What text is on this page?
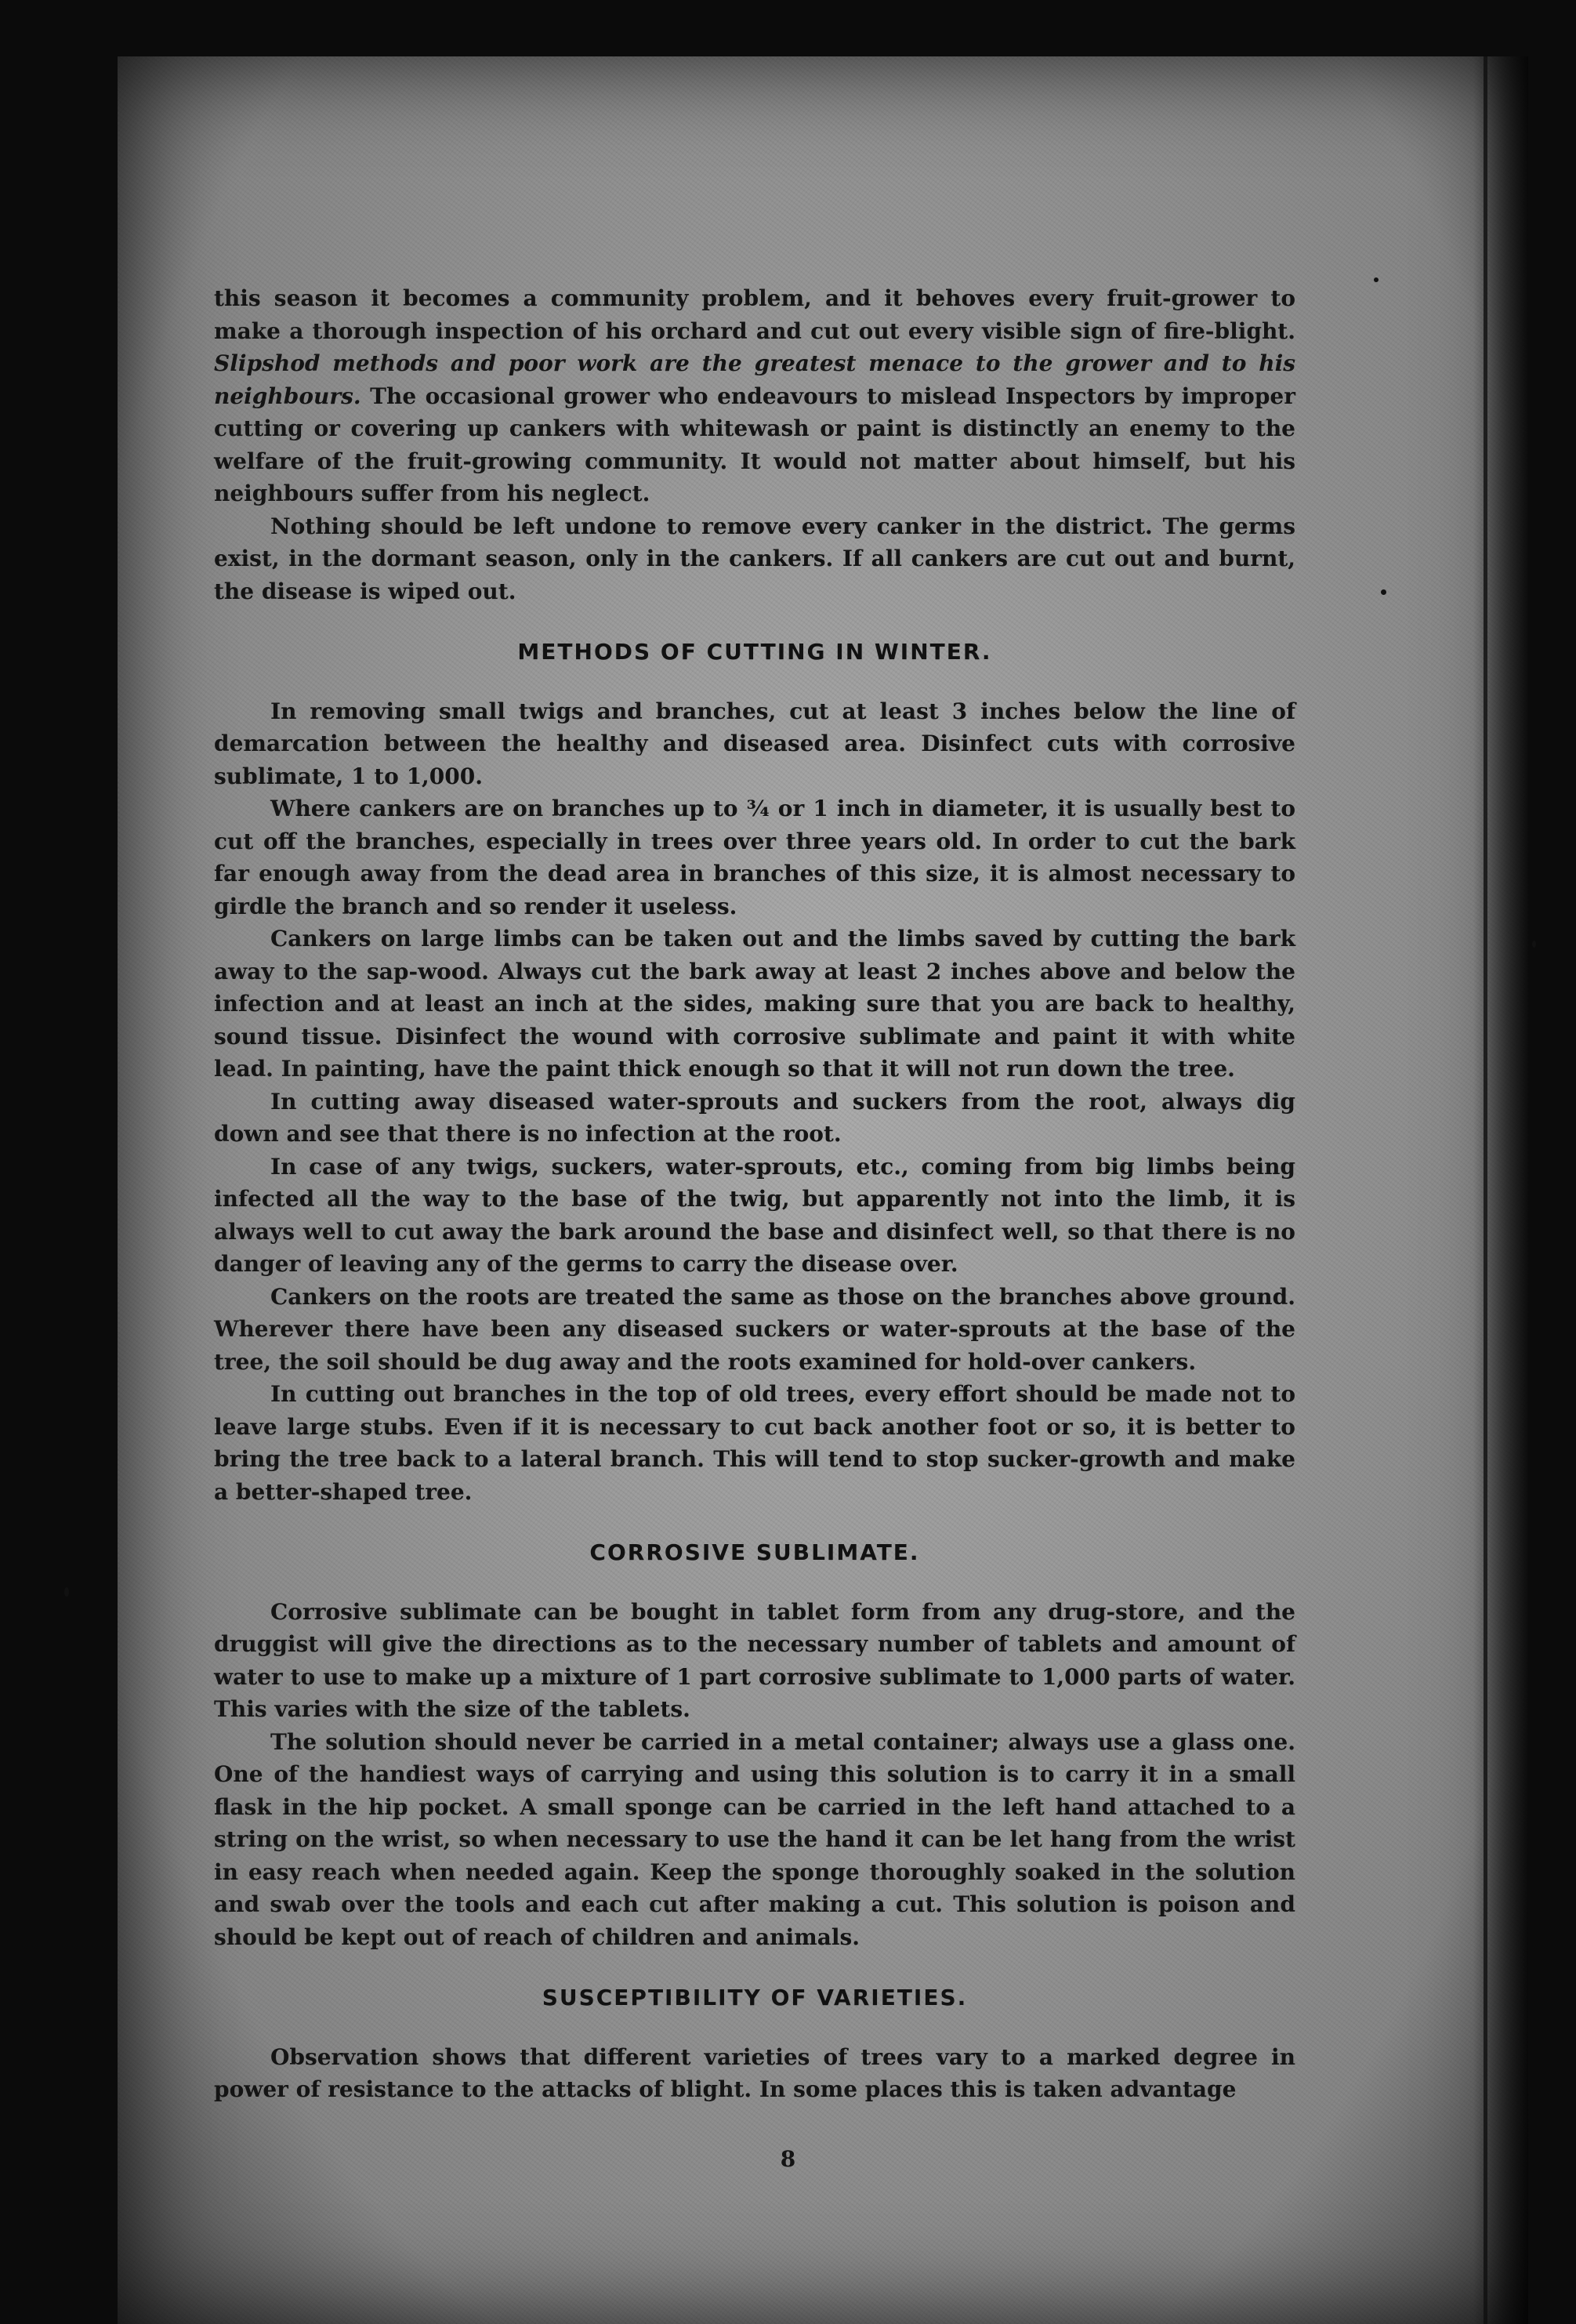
this season it becomes a community problem, and it behoves every fruit-grower to make a thorough inspection of his orchard and cut out every visible sign of fire-blight. Slipshod methods and poor work are the greatest menace to the grower and to his neighbours. The occasional grower who endeavours to mislead Inspectors by improper cutting or covering up cankers with whitewash or paint is distinctly an enemy to the welfare of the fruit-growing community. It would not matter about himself, but his neighbours suffer from his neglect.

Nothing should be left undone to remove every canker in the district. The germs exist, in the dormant season, only in the cankers. If all cankers are cut out and burnt, the disease is wiped out.

METHODS OF CUTTING IN WINTER.

In removing small twigs and branches, cut at least 3 inches below the line of demarcation between the healthy and diseased area. Disinfect cuts with corrosive sublimate, 1 to 1,000.

Where cankers are on branches up to ¾ or 1 inch in diameter, it is usually best to cut off the branches, especially in trees over three years old. In order to cut the bark far enough away from the dead area in branches of this size, it is almost necessary to girdle the branch and so render it useless.

Cankers on large limbs can be taken out and the limbs saved by cutting the bark away to the sap-wood. Always cut the bark away at least 2 inches above and below the infection and at least an inch at the sides, making sure that you are back to healthy, sound tissue. Disinfect the wound with corrosive sublimate and paint it with white lead. In painting, have the paint thick enough so that it will not run down the tree.

In cutting away diseased water-sprouts and suckers from the root, always dig down and see that there is no infection at the root.

In case of any twigs, suckers, water-sprouts, etc., coming from big limbs being infected all the way to the base of the twig, but apparently not into the limb, it is always well to cut away the bark around the base and disinfect well, so that there is no danger of leaving any of the germs to carry the disease over.

Cankers on the roots are treated the same as those on the branches above ground. Wherever there have been any diseased suckers or water-sprouts at the base of the tree, the soil should be dug away and the roots examined for hold-over cankers.

In cutting out branches in the top of old trees, every effort should be made not to leave large stubs. Even if it is necessary to cut back another foot or so, it is better to bring the tree back to a lateral branch. This will tend to stop sucker-growth and make a better-shaped tree.

CORROSIVE SUBLIMATE.

Corrosive sublimate can be bought in tablet form from any drug-store, and the druggist will give the directions as to the necessary number of tablets and amount of water to use to make up a mixture of 1 part corrosive sublimate to 1,000 parts of water. This varies with the size of the tablets.

The solution should never be carried in a metal container; always use a glass one. One of the handiest ways of carrying and using this solution is to carry it in a small flask in the hip pocket. A small sponge can be carried in the left hand attached to a string on the wrist, so when necessary to use the hand it can be let hang from the wrist in easy reach when needed again. Keep the sponge thoroughly soaked in the solution and swab over the tools and each cut after making a cut. This solution is poison and should be kept out of reach of children and animals.

SUSCEPTIBILITY OF VARIETIES.

Observation shows that different varieties of trees vary to a marked degree in power of resistance to the attacks of blight. In some places this is taken advantage

8
